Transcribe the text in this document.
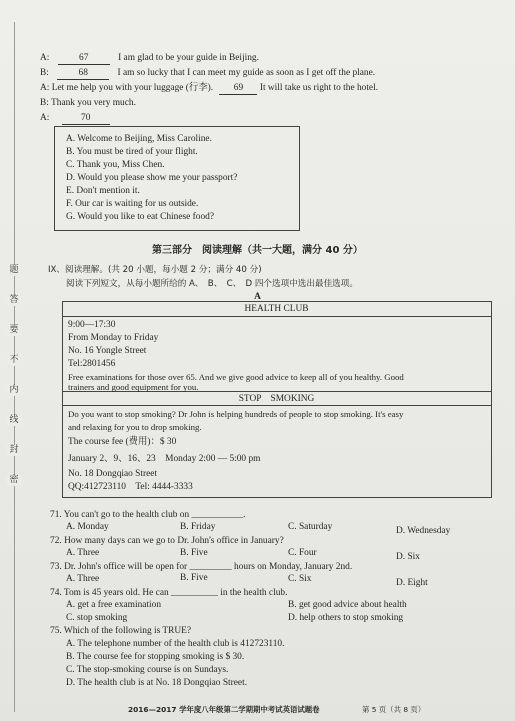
题
答
要
不
内
线
封
密
A:	67	I am glad to be your guide in Beijing.
B:	68	I am so lucky that I can meet my guide as soon as I get off the plane.
A: Let me help you with your luggage (行李). 69 It will take us right to the hotel.
B: Thank you very much.
A:	70
A. Welcome to Beijing, Miss Caroline.
B. You must be tired of your flight.
C. Thank you, Miss Chen.
D. Would you please show me your passport?
E. Don't mention it.
F. Our car is waiting for us outside.
G. Would you like to eat Chinese food?
第三部分　阅读理解（共一大题，满分 40 分）
IX、阅读理解。(共 20 小题，每小题 2 分；满分 40 分)
阅读下列短文，从每小题所给的 A、　B、　C、　D 四个选项中选出最佳选项。
A
HEALTH CLUB
9:00—17:30
From Monday to Friday
No. 16 Yongle Street
Tel:2801456
Free examinations for those over 65. And we give good advice to keep all of you healthy. Good
trainers and good equipment for you.
STOP　SMOKING
Do you want to stop smoking? Dr John is helping hundreds of people to stop smoking. It's easy
and relaxing for you to drop smoking.
The course fee (费用)：$ 30
January 2、9、16、23　Monday 2:00 — 5:00 pm
No. 18 Dongqiao Street
QQ:412723110　Tel: 4444-3333
71. You can't go to the health club on ___________.
A. Monday	B. Friday	C. Saturday	D. Wednesday
72. How many days can we go to Dr. John's office in January?
A. Three	B. Five	C. Four	D. Six
73. Dr. John's office will be open for _________ hours on Monday, January 2nd.
A. Three	B. Five	C. Six	D. Eight
74. Tom is 45 years old. He can __________ in the health club.
A. get a free examination	B. get good advice about health
C. stop smoking	D. help others to stop smoking
75. Which of the following is TRUE?
A. The telephone number of the health club is 412723110.
B. The course fee for stopping smoking is $ 30.
C. The stop-smoking course is on Sundays.
D. The health club is at No. 18 Dongqiao Street.
2016—2017 学年度八年级第二学期期中考试英语试题卷	第 5 页（共 8 页）
